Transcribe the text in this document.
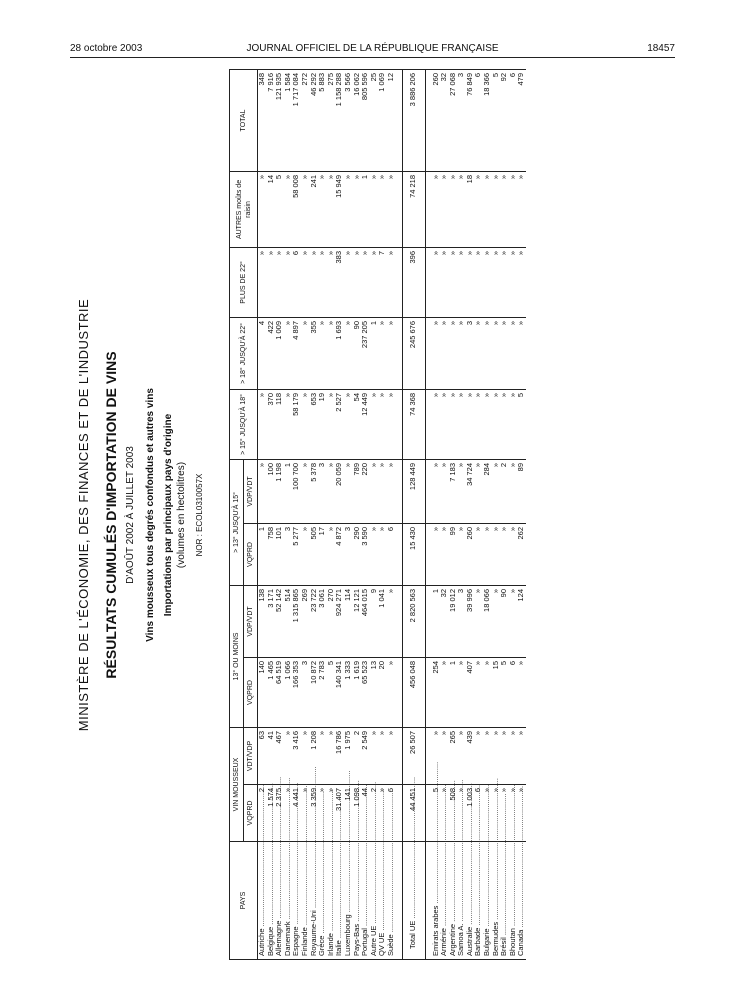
28 octobre 2003	JOURNAL OFFICIEL DE LA RÉPUBLIQUE FRANÇAISE	18457
MINISTÈRE DE L'ÉCONOMIE, DES FINANCES ET DE L'INDUSTRIE RÉSULTATS CUMULÉS D'IMPORTATION DE VINS D'AOÛT 2002 À JUILLET 2003 Vins mousseux tous degrés confondus et autres vins Importations par principaux pays d'origine (volumes en hectolitres) NOR : ECOL0310057X
PAYS	VIN MOUSSEUX		13° OU MOINS		> 13° JUSQU'À 15°		> 15° JUSQU'À 18°	> 18° JUSQU'À 22°	PLUS DE 22°	AUTRES moûts de raisin	TOTAL
	VQPRD	VDT/VDP	VQPRD	VDP/VDT	VQPRD	VDP/VDT					
Autriche .....	2	63	140	138	1	»	»	4	»	»	348
Belgique .....	1 574	41	1 465	3 171	758	100	370	422	»	14	7 916
Allemagne .....	2 375	467	64 519	52 142	101	1 198	118	1 009	»	5	121 935
Danemark .....	»	»	1 066	514	3	1	»	»	»	»	1 584
Espagne .....	4 441	3 416	166 353	1 315 865	5 277	100 700	58 179	4 897	6	58 008	1 717 084
Finlande .....	»	»	3	269	»	»	»	»	»	»	272
Royaume-Uni .....	3 359	1 208	10 872	23 722	505	5 378	653	355	»	241	46 292
Grèce .....	»	»	2 783	3 061	17	3	19	»	»	»	5 883
Irlande .....	»	»	5	270	»	»	»	»	»	»	275
Italie .....	31 407	16 786	140 341	924 271	4 872	20 059	2 527	1 693	383	15 949	1 158 288
Luxembourg .....	141	1 975	1 333	114	3	»	»	»	»	»	3 566
Pays-Bas .....	1 098	2	1 619	12 121	290	789	54	90	»	»	16 062
Portugal .....	44	2 549	65 523	464 015	3 590	220	12 449	237 205	»	1	805 596
Autre UE .....	2	»	13	9	»	»	»	1	»	»	25
QV UE .....	»	»	20	1 041	»	»	»	»	7	»	1 069
Suède .....	6	»	»	»	6	»	»	»	»	»	12

Total UE .....	44 451	26 507	456 048	2 820 563	15 430	128 449	74 368	245 676	396	74 218	3 886 206

Emirats arabes .....	5	»	254	1	»	»	»	»	»	»	260
Arménie .....	»	»	»	32	»	»	»	»	»	»	32
Argentine .....	508	265	1	19 012	99	7 183	»	»	»	»	27 068
Samoa A. .....	»	»	»	3	»	»	»	»	»	»	3
Australie .....	1 003	439	407	39 996	260	34 724	»	3	»	18	76 849
Barbade .....	6	»	»	»	»	»	»	»	»	»	6
Bulgarie .....	»	»	»	18 066	»	284	»	»	»	»	18 366
Bermudes .....	»	»	15	»	»	»	»	»	»	»	5
Brésil .....	»	»	5	90	»	2	»	»	»	»	92
Bhoutan .....	»	»	6	»	»	»	»	»	»	»	6
Canada .....	»	»	»	124	262	89	5	»	»	»	479
